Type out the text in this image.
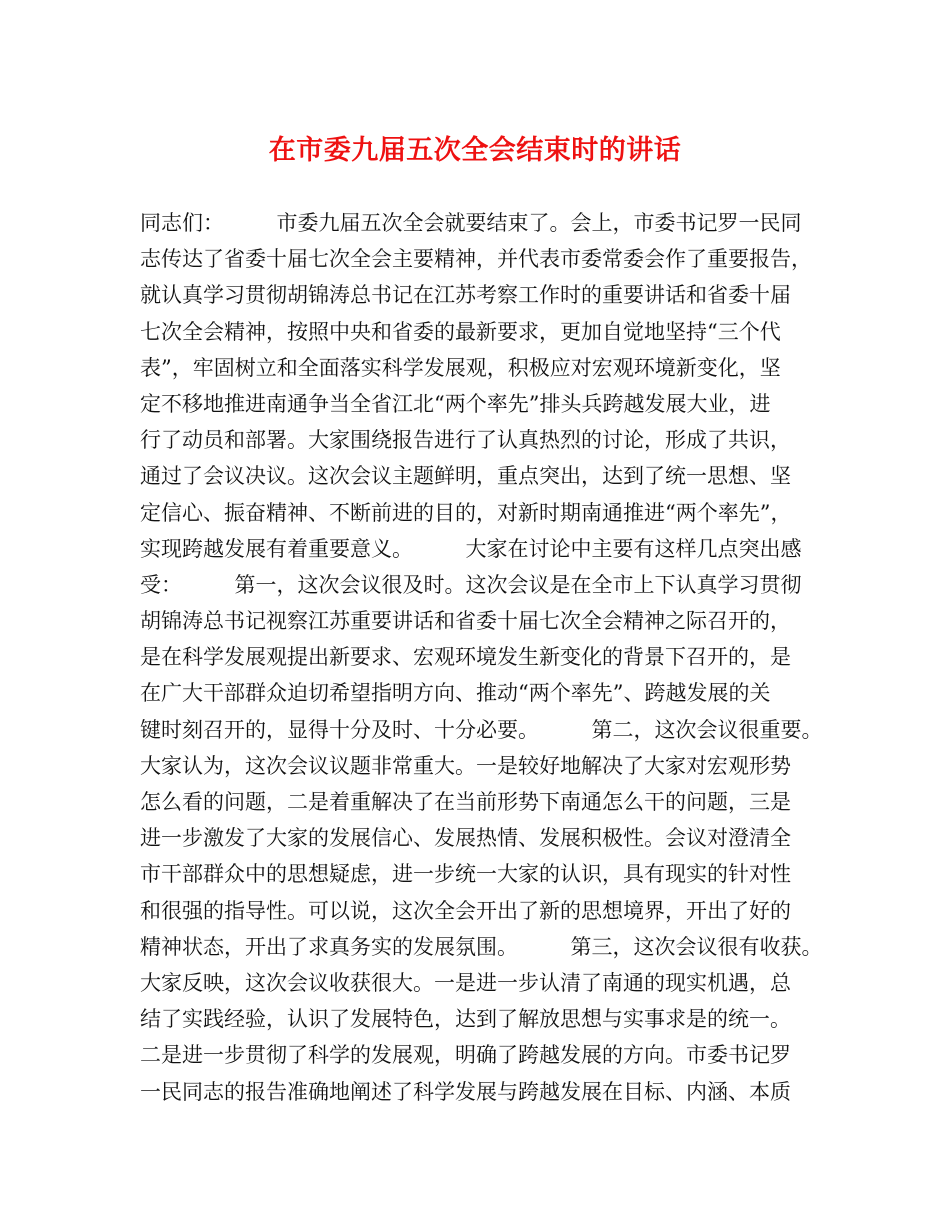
在市委九届五次全会结束时的讲话
同志们：　　　市委九届五次全会就要结束了。会上，市委书记罗一民同
志传达了省委十届七次全会主要精神，并代表市委常委会作了重要报告，
就认真学习贯彻胡锦涛总书记在江苏考察工作时的重要讲话和省委十届
七次全会精神，按照中央和省委的最新要求，更加自觉地坚持“三个代
表”，牢固树立和全面落实科学发展观，积极应对宏观环境新变化，坚
定不移地推进南通争当全省江北“两个率先”排头兵跨越发展大业，进
行了动员和部署。大家围绕报告进行了认真热烈的讨论，形成了共识，
通过了会议决议。这次会议主题鲜明，重点突出，达到了统一思想、坚
定信心、振奋精神、不断前进的目的，对新时期南通推进“两个率先”，
实现跨越发展有着重要意义。　　　大家在讨论中主要有这样几点突出感
受：　　　第一，这次会议很及时。这次会议是在全市上下认真学习贯彻
胡锦涛总书记视察江苏重要讲话和省委十届七次全会精神之际召开的，
是在科学发展观提出新要求、宏观环境发生新变化的背景下召开的，是
在广大干部群众迫切希望指明方向、推动“两个率先”、跨越发展的关
键时刻召开的，显得十分及时、十分必要。　　　第二，这次会议很重要。
大家认为，这次会议议题非常重大。一是较好地解决了大家对宏观形势
怎么看的问题，二是着重解决了在当前形势下南通怎么干的问题，三是
进一步激发了大家的发展信心、发展热情、发展积极性。会议对澄清全
市干部群众中的思想疑虑，进一步统一大家的认识，具有现实的针对性
和很强的指导性。可以说，这次全会开出了新的思想境界，开出了好的
精神状态，开出了求真务实的发展氛围。　　　第三，这次会议很有收获。
大家反映，这次会议收获很大。一是进一步认清了南通的现实机遇，总
结了实践经验，认识了发展特色，达到了解放思想与实事求是的统一。
二是进一步贯彻了科学的发展观，明确了跨越发展的方向。市委书记罗
一民同志的报告准确地阐述了科学发展与跨越发展在目标、内涵、本质
